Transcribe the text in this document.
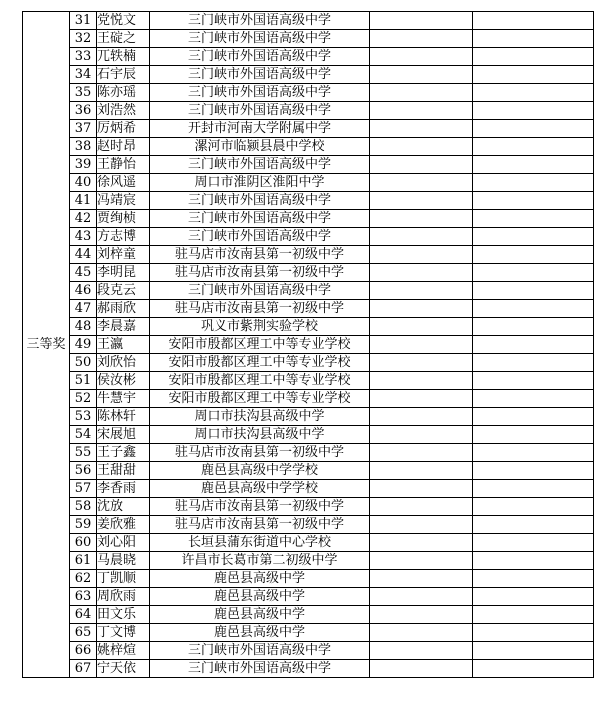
三等奖	31	党悦文	三门峡市外国语高级中学		
	32	王碇之	三门峡市外国语高级中学		
	33	兀轶楠	三门峡市外国语高级中学		
	34	石宇辰	三门峡市外国语高级中学		
	35	陈亦瑶	三门峡市外国语高级中学		
	36	刘浩然	三门峡市外国语高级中学		
	37	厉炳希	开封市河南大学附属中学		
	38	赵时昂	漯河市临颍县晨中学校		
	39	王静怡	三门峡市外国语高级中学		
	40	徐风遥	周口市淮阴区淮阳中学		
	41	冯靖宸	三门峡市外国语高级中学		
	42	贾绚桢	三门峡市外国语高级中学		
	43	方志博	三门峡市外国语高级中学		
	44	刘梓童	驻马店市汝南县第一初级中学		
	45	李明昆	驻马店市汝南县第一初级中学		
	46	段克云	三门峡市外国语高级中学		
	47	郝雨欣	驻马店市汝南县第一初级中学		
	48	李晨嘉	巩义市紫荆实验学校		
	49	王瀛	安阳市殷都区理工中等专业学校		
	50	刘欣怡	安阳市殷都区理工中等专业学校		
	51	侯汝彬	安阳市殷都区理工中等专业学校		
	52	牛慧宇	安阳市殷都区理工中等专业学校		
	53	陈林轩	周口市扶沟县高级中学		
	54	宋展旭	周口市扶沟县高级中学		
	55	王子鑫	驻马店市汝南县第一初级中学		
	56	王甜甜	鹿邑县高级中学学校		
	57	李香雨	鹿邑县高级中学学校		
	58	沈放	驻马店市汝南县第一初级中学		
	59	姜欣雅	驻马店市汝南县第一初级中学		
	60	刘心阳	长垣县蒲东街道中心学校		
	61	马晨晓	许昌市长葛市第二初级中学		
	62	丁凯顺	鹿邑县高级中学		
	63	周欣雨	鹿邑县高级中学		
	64	田文乐	鹿邑县高级中学		
	65	丁文博	鹿邑县高级中学		
	66	姚梓煊	三门峡市外国语高级中学		
	67	宁天依	三门峡市外国语高级中学		
